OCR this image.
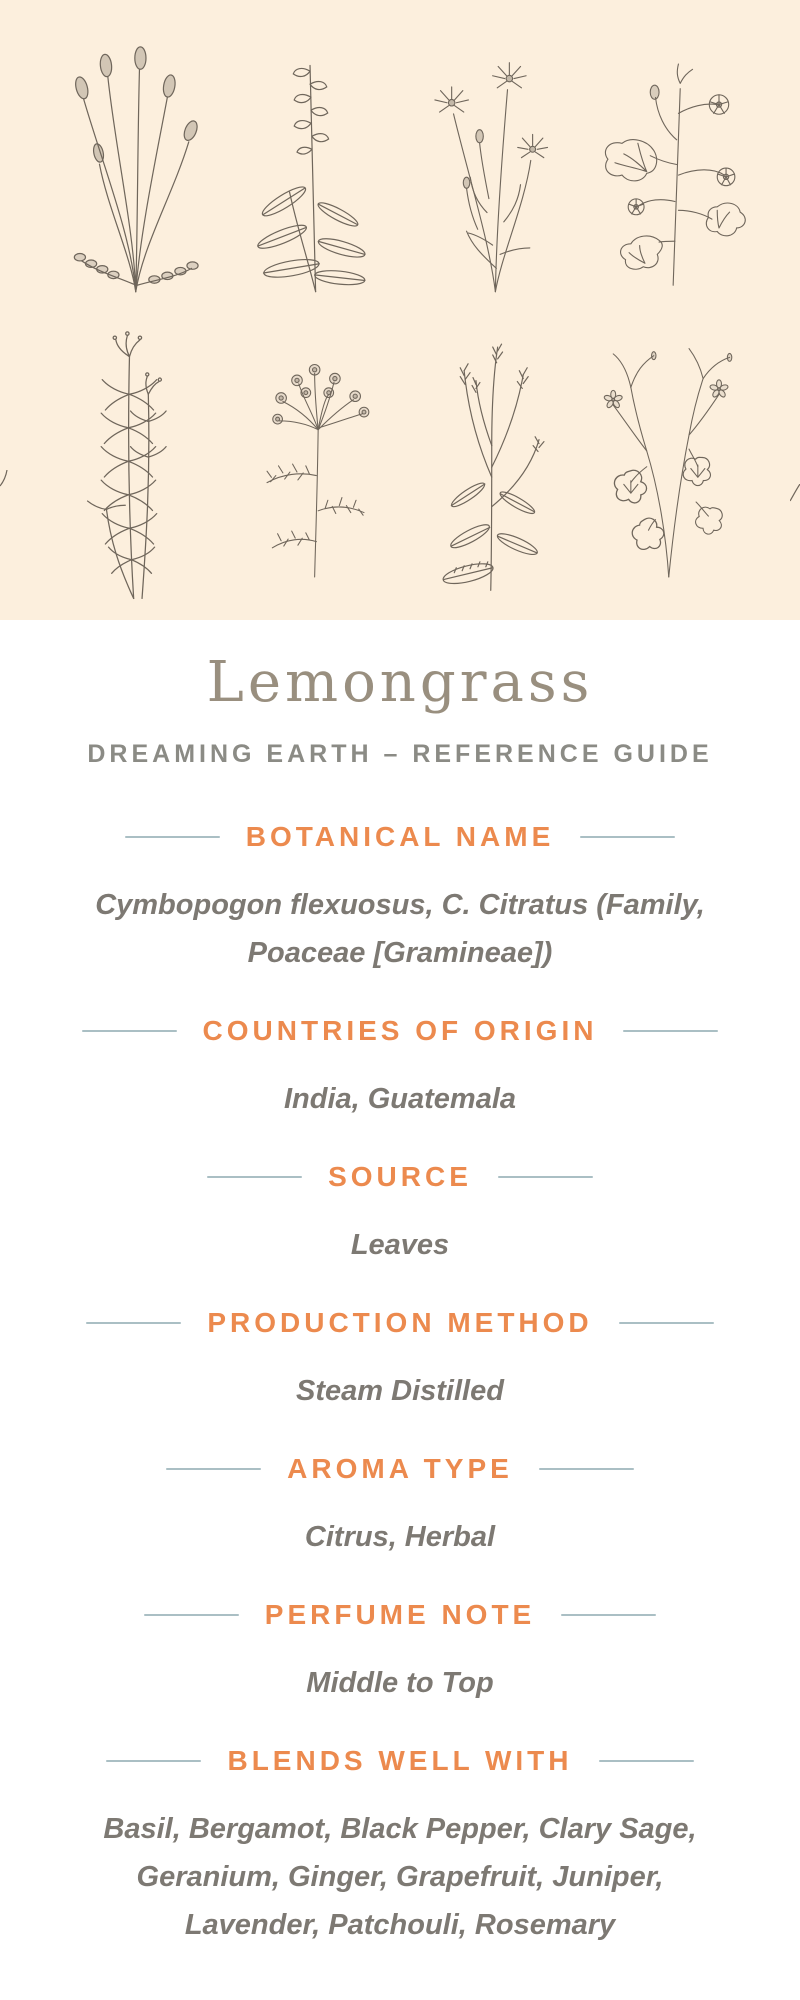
Lemongrass
DREAMING EARTH – REFERENCE GUIDE
BOTANICAL NAME

Cymbopogon flexuosus, C. Citratus (Family, Poaceae [Gramineae])

COUNTRIES OF ORIGIN

India, Guatemala

SOURCE

Leaves

PRODUCTION METHOD

Steam Distilled

AROMA TYPE

Citrus, Herbal

PERFUME NOTE

Middle to Top

BLENDS WELL WITH

Basil, Bergamot, Black Pepper, Clary Sage, Geranium, Ginger, Grapefruit, Juniper, Lavender, Patchouli, Rosemary
